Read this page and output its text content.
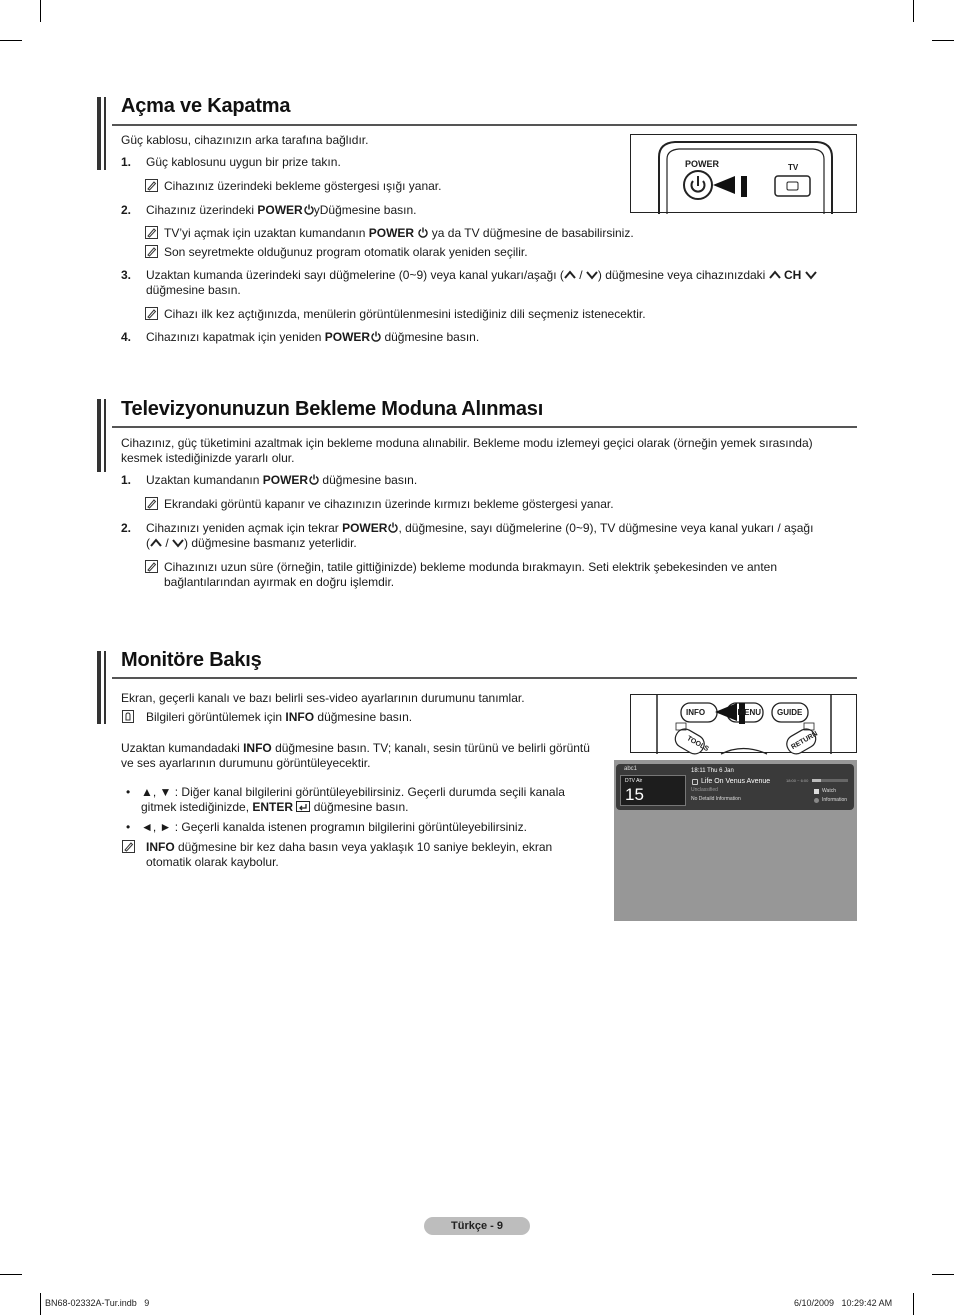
Açma ve Kapatma
Güç kablosu, cihazınızın arka tarafına bağlıdır.
1. Güç kablosunu uygun bir prize takın.
Cihazınız üzerindeki bekleme göstergesi ışığı yanar.
2. Cihazınız üzerindeki POWER yDüğmesine basın.
TV’yi açmak için uzaktan kumandanın POWER  ya da TV düğmesine de basabilirsiniz.
Son seyretmekte olduğunuz program otomatik olarak yeniden seçilir.
3. Uzaktan kumanda üzerindeki sayı düğmelerine (0~9) veya kanal yukarı/aşağı ( / ) düğmesine veya cihazınızdaki  CH
düğmesine basın.
Cihazı ilk kez açtığınızda, menülerin görüntülenmesini istediğiniz dili seçmeniz istenecektir.
4. Cihazınızı kapatmak için yeniden POWER düğmesine basın.
POWER	TV
Televizyonunuzun Bekleme Moduna Alınması
Cihazınız, güç tüketimini azaltmak için bekleme moduna alınabilir. Bekleme modu izlemeyi geçici olarak (örneğin yemek sırasında)
kesmek istediğinizde yararlı olur.
1. Uzaktan kumandanın POWER düğmesine basın.
Ekrandaki görüntü kapanır ve cihazınızın üzerinde kırmızı bekleme göstergesi yanar.
2. Cihazınızı yeniden açmak için tekrar POWER , düğmesine, sayı düğmelerine (0~9), TV düğmesine veya kanal yukarı / aşağı
( / ) düğmesine basmanız yeterlidir.
Cihazınızı uzun süre (örneğin, tatile gittiğinizde) bekleme modunda bırakmayın. Seti elektrik şebekesinden ve anten
bağlantılarından ayırmak en doğru işlemdir.
Monitöre Bakış
Ekran, geçerli kanalı ve bazı belirli ses-video ayarlarının durumunu tanımlar.
Bilgileri görüntülemek için INFO düğmesine basın.
Uzaktan kumandadaki INFO düğmesine basın. TV; kanalı, sesin türünü ve belirli görüntü
ve ses ayarlarının durumunu görüntüleyecektir.
• ▲, ▼ : Diğer kanal bilgilerini görüntüleyebilirsiniz. Geçerli durumda seçili kanala
gitmek istediğinizde, ENTER  düğmesine basın.
• ◄, ► : Geçerli kanalda istenen programın bilgilerini görüntüleyebilirsiniz.
INFO düğmesine bir kez daha basın veya yaklaşık 10 saniye bekleyin, ekran
otomatik olarak kaybolur.
INFO	MENU GUIDE
TOOLS	RETURN
abc1
DTV Air
15
18:11 Thu 6 Jan
Life On Venus Avenue	18:00 ~ 6:00
Unclassified
No Detaild Information
Watch
Information
Türkçe - 9
BN68-02332A-Tur.indb   9	6/10/2009   10:29:42 AM
